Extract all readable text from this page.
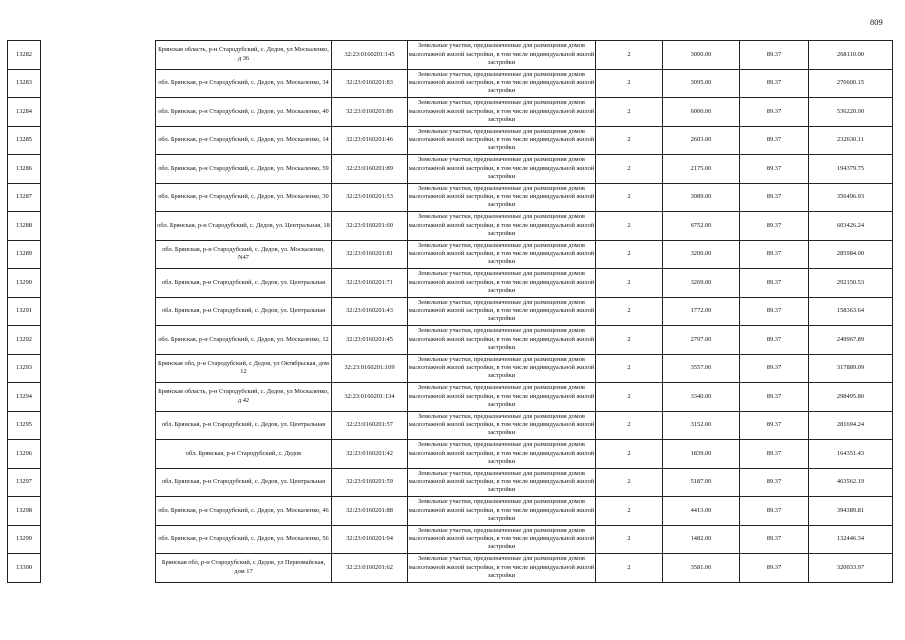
809
13282		Брянская область, р-н Стародубский, с. Дедов, ул Москаленко, д 36	32:23:0160201:145	Земельные участки, предназначенные для размещения домов малоэтажной жилой застройки, в том числе индивидуальной жилой застройки	2	3000.00	89.37	268110.00
13283		обл. Брянская, р-н Стародубский, с. Дедов, ул. Москаленко, 34	32:23:0160201:83	Земельные участки, предназначенные для размещения домов малоэтажной жилой застройки, в том числе индивидуальной жилой застройки	2	3095.00	89.37	276600.15
13284		обл. Брянская, р-н Стародубский, с. Дедов, ул. Москаленко, 40	32:23:0160201:86	Земельные участки, предназначенные для размещения домов малоэтажной жилой застройки, в том числе индивидуальной жилой застройки	2	6000.00	89.37	536220.00
13285		обл. Брянская, р-н Стародубский, с. Дедов, ул. Москаленко, 14	32:23:0160201:46	Земельные участки, предназначенные для размещения домов малоэтажной жилой застройки, в том числе индивидуальной жилой застройки	2	2603.00	89.37	232630.11
13286		обл. Брянская, р-н Стародубский, с. Дедов, ул. Москаленко, 59	32:23:0160201:89	Земельные участки, предназначенные для размещения домов малоэтажной жилой застройки, в том числе индивидуальной жилой застройки	2	2175.00	89.37	194379.75
13287		обл. Брянская, р-н Стародубский, с. Дедов, ул. Москаленко, 30	32:23:0160201:53	Земельные участки, предназначенные для размещения домов малоэтажной жилой застройки, в том числе индивидуальной жилой застройки	2	3989.00	89.37	356496.93
13288		обл. Брянская, р-н Стародубский, с. Дедов, ул. Центральная, 18	32:23:0160201:60	Земельные участки, предназначенные для размещения домов малоэтажной жилой застройки, в том числе индивидуальной жилой застройки	2	6752.00	89.37	603426.24
13289		обл. Брянская, р-н Стародубский, с. Дедов, ул. Москаленко, N47	32:23:0160201:81	Земельные участки, предназначенные для размещения домов малоэтажной жилой застройки, в том числе индивидуальной жилой застройки	2	3200.00	89.37	285984.00
13290		обл. Брянская, р-н Стародубский, с. Дедов, ул. Центральная	32:23:0160201:71	Земельные участки, предназначенные для размещения домов малоэтажной жилой застройки, в том числе индивидуальной жилой застройки	2	3269.00	89.37	292150.53
13291		обл. Брянская, р-н Стародубский, с. Дедов, ул. Центральная	32:23:0160201:43	Земельные участки, предназначенные для размещения домов малоэтажной жилой застройки, в том числе индивидуальной жилой застройки	2	1772.00	89.37	158363.64
13292		обл. Брянская, р-н Стародубский, с. Дедов, ул. Москаленко, 12	32:23:0160201:45	Земельные участки, предназначенные для размещения домов малоэтажной жилой застройки, в том числе индивидуальной жилой застройки	2	2797.00	89.37	249967.89
13293		Брянская обл, р-н Стародубский, с Дедов, ул Октябрьская, дом 12	32:23:0160201:109	Земельные участки, предназначенные для размещения домов малоэтажной жилой застройки, в том числе индивидуальной жилой застройки	2	3557.00	89.37	317889.09
13294		Брянская область, р-н Стародубский, с. Дедов, ул Москаленко, д 42	32:23:0160201:134	Земельные участки, предназначенные для размещения домов малоэтажной жилой застройки, в том числе индивидуальной жилой застройки	2	3340.00	89.37	298495.80
13295		обл. Брянская, р-н Стародубский, с. Дедов, ул. Центральная	32:23:0160201:57	Земельные участки, предназначенные для размещения домов малоэтажной жилой застройки, в том числе индивидуальной жилой застройки	2	3152.00	89.37	281694.24
13296		обл. Брянская, р-н Стародубский, с. Дедов	32:23:0160201:42	Земельные участки, предназначенные для размещения домов малоэтажной жилой застройки, в том числе индивидуальной жилой застройки	2	1839.00	89.37	164351.43
13297		обл. Брянская, р-н Стародубский, с. Дедов, ул. Центральная	32:23:0160201:59	Земельные участки, предназначенные для размещения домов малоэтажной жилой застройки, в том числе индивидуальной жилой застройки	2	5187.00	89.37	463562.19
13298		обл. Брянская, р-н Стародубский, с. Дедов, ул. Москаленко, 46	32:23:0160201:88	Земельные участки, предназначенные для размещения домов малоэтажной жилой застройки, в том числе индивидуальной жилой застройки	2	4413.00	89.37	394389.81
13299		обл. Брянская, р-н Стародубский, с. Дедов, ул. Москаленко, 56	32:23:0160201:94	Земельные участки, предназначенные для размещения домов малоэтажной жилой застройки, в том числе индивидуальной жилой застройки	2	1482.00	89.37	132446.34
13300		Брянская обл, р-н Стародубский, с Дедов, ул Первомайская, дом 17	32:23:0160201:62	Земельные участки, предназначенные для размещения домов малоэтажной жилой застройки, в том числе индивидуальной жилой застройки	2	3581.00	89.37	320033.97
